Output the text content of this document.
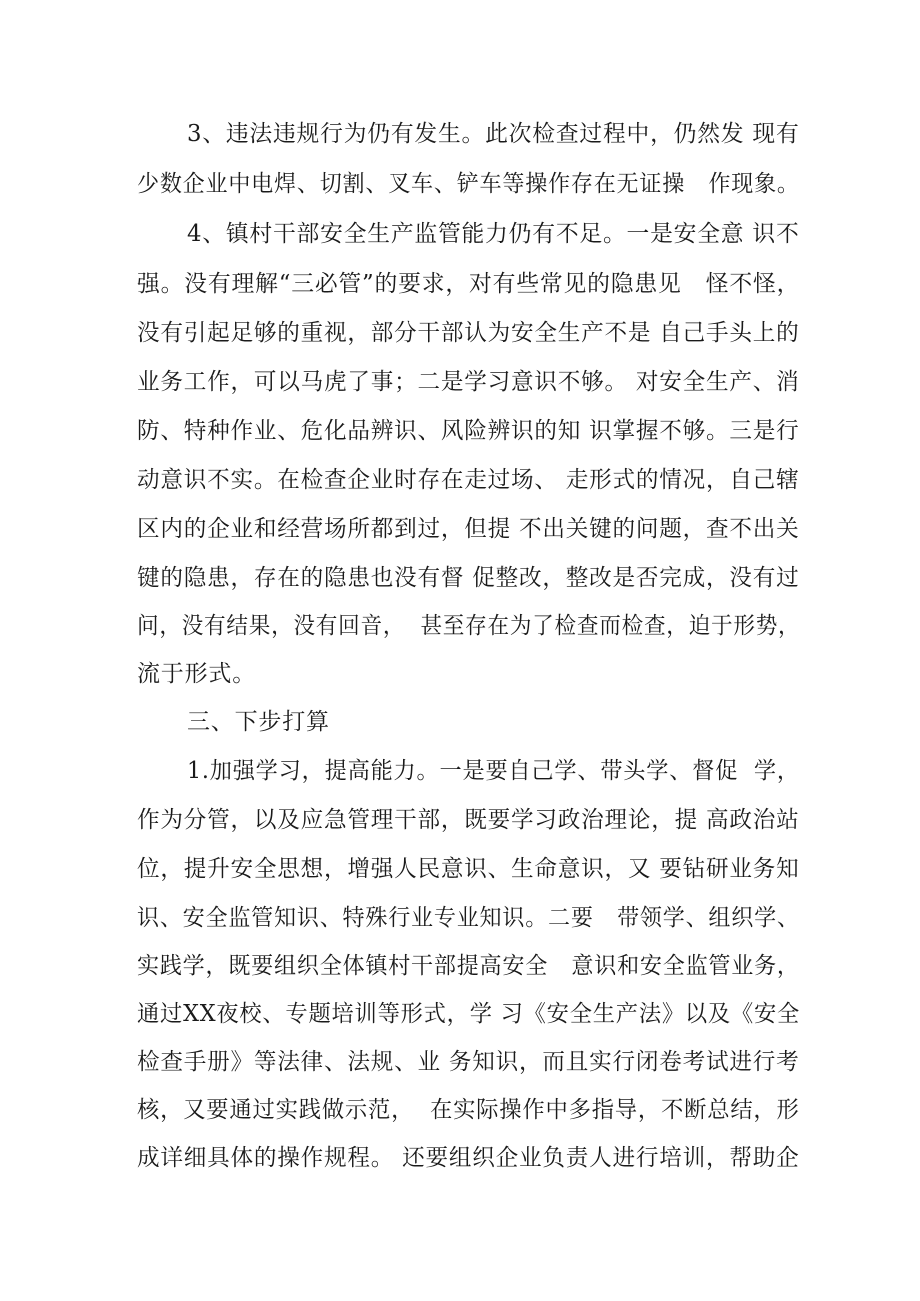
3、违法违规行为仍有发生。此次检查过程中，仍然发 现有

少数企业中电焊、切割、叉车、铲车等操作存在无证操   作现象。

4、镇村干部安全生产监管能力仍有不足。一是安全意 识不

强。没有理解“三必管”的要求，对有些常见的隐患见   怪不怪，

没有引起足够的重视，部分干部认为安全生产不是 自己手头上的

业务工作，可以马虎了事；二是学习意识不够。 对安全生产、消

防、特种作业、危化品辨识、风险辨识的知 识掌握不够。三是行

动意识不实。在检查企业时存在走过场、 走形式的情况，自己辖

区内的企业和经营场所都到过，但提 不出关键的问题，查不出关

键的隐患，存在的隐患也没有督 促整改，整改是否完成，没有过

问，没有结果，没有回音，  甚至存在为了检查而检查，迫于形势，

流于形式。

三、下步打算

1.加强学习，提高能力。一是要自己学、带头学、督促  学，

作为分管，以及应急管理干部，既要学习政治理论，提 高政治站

位，提升安全思想，增强人民意识、生命意识，又 要钻研业务知

识、安全监管知识、特殊行业专业知识。二要   带领学、组织学、

实践学，既要组织全体镇村干部提高安全   意识和安全监管业务，

通过XX夜校、专题培训等形式，学 习《安全生产法》以及《安全

检查手册》等法律、法规、业 务知识，而且实行闭卷考试进行考

核，又要通过实践做示范，  在实际操作中多指导，不断总结，形

成详细具体的操作规程。 还要组织企业负责人进行培训，帮助企
